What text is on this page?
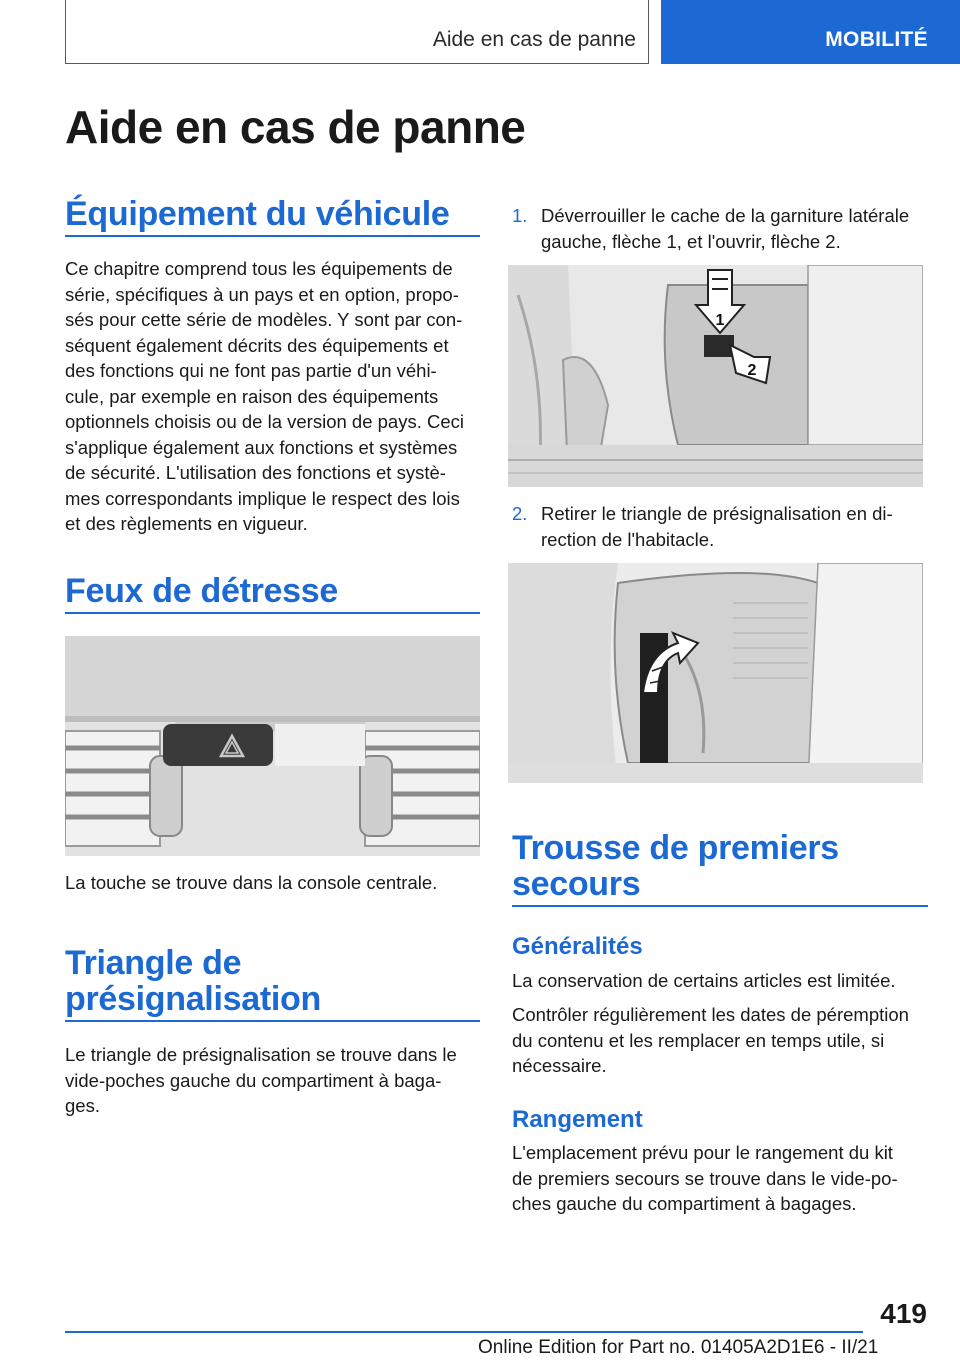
Aide en cas de panne	MOBILITÉ
Aide en cas de panne
Équipement du véhicule
Ce chapitre comprend tous les équipements de
série, spécifiques à un pays et en option, propo-
sés pour cette série de modèles. Y sont par con-
séquent également décrits des équipements et
des fonctions qui ne font pas partie d'un véhi-
cule, par exemple en raison des équipements
optionnels choisis ou de la version de pays. Ceci
s'applique également aux fonctions et systèmes
de sécurité. L'utilisation des fonctions et systè-
mes correspondants implique le respect des lois
et des règlements en vigueur.
Feux de détresse
La touche se trouve dans la console centrale.
Triangle de
présignalisation
Le triangle de présignalisation se trouve dans le
vide-poches gauche du compartiment à baga-
ges.
1. Déverrouiller le cache de la garniture latérale
gauche, flèche 1, et l'ouvrir, flèche 2.
1
2
2. Retirer le triangle de présignalisation en di-
rection de l'habitacle.
Trousse de premiers
secours
Généralités
La conservation de certains articles est limitée.
Contrôler régulièrement les dates de péremption
du contenu et les remplacer en temps utile, si
nécessaire.
Rangement
L'emplacement prévu pour le rangement du kit
de premiers secours se trouve dans le vide-po-
ches gauche du compartiment à bagages.
419
Online Edition for Part no. 01405A2D1E6 - II/21
